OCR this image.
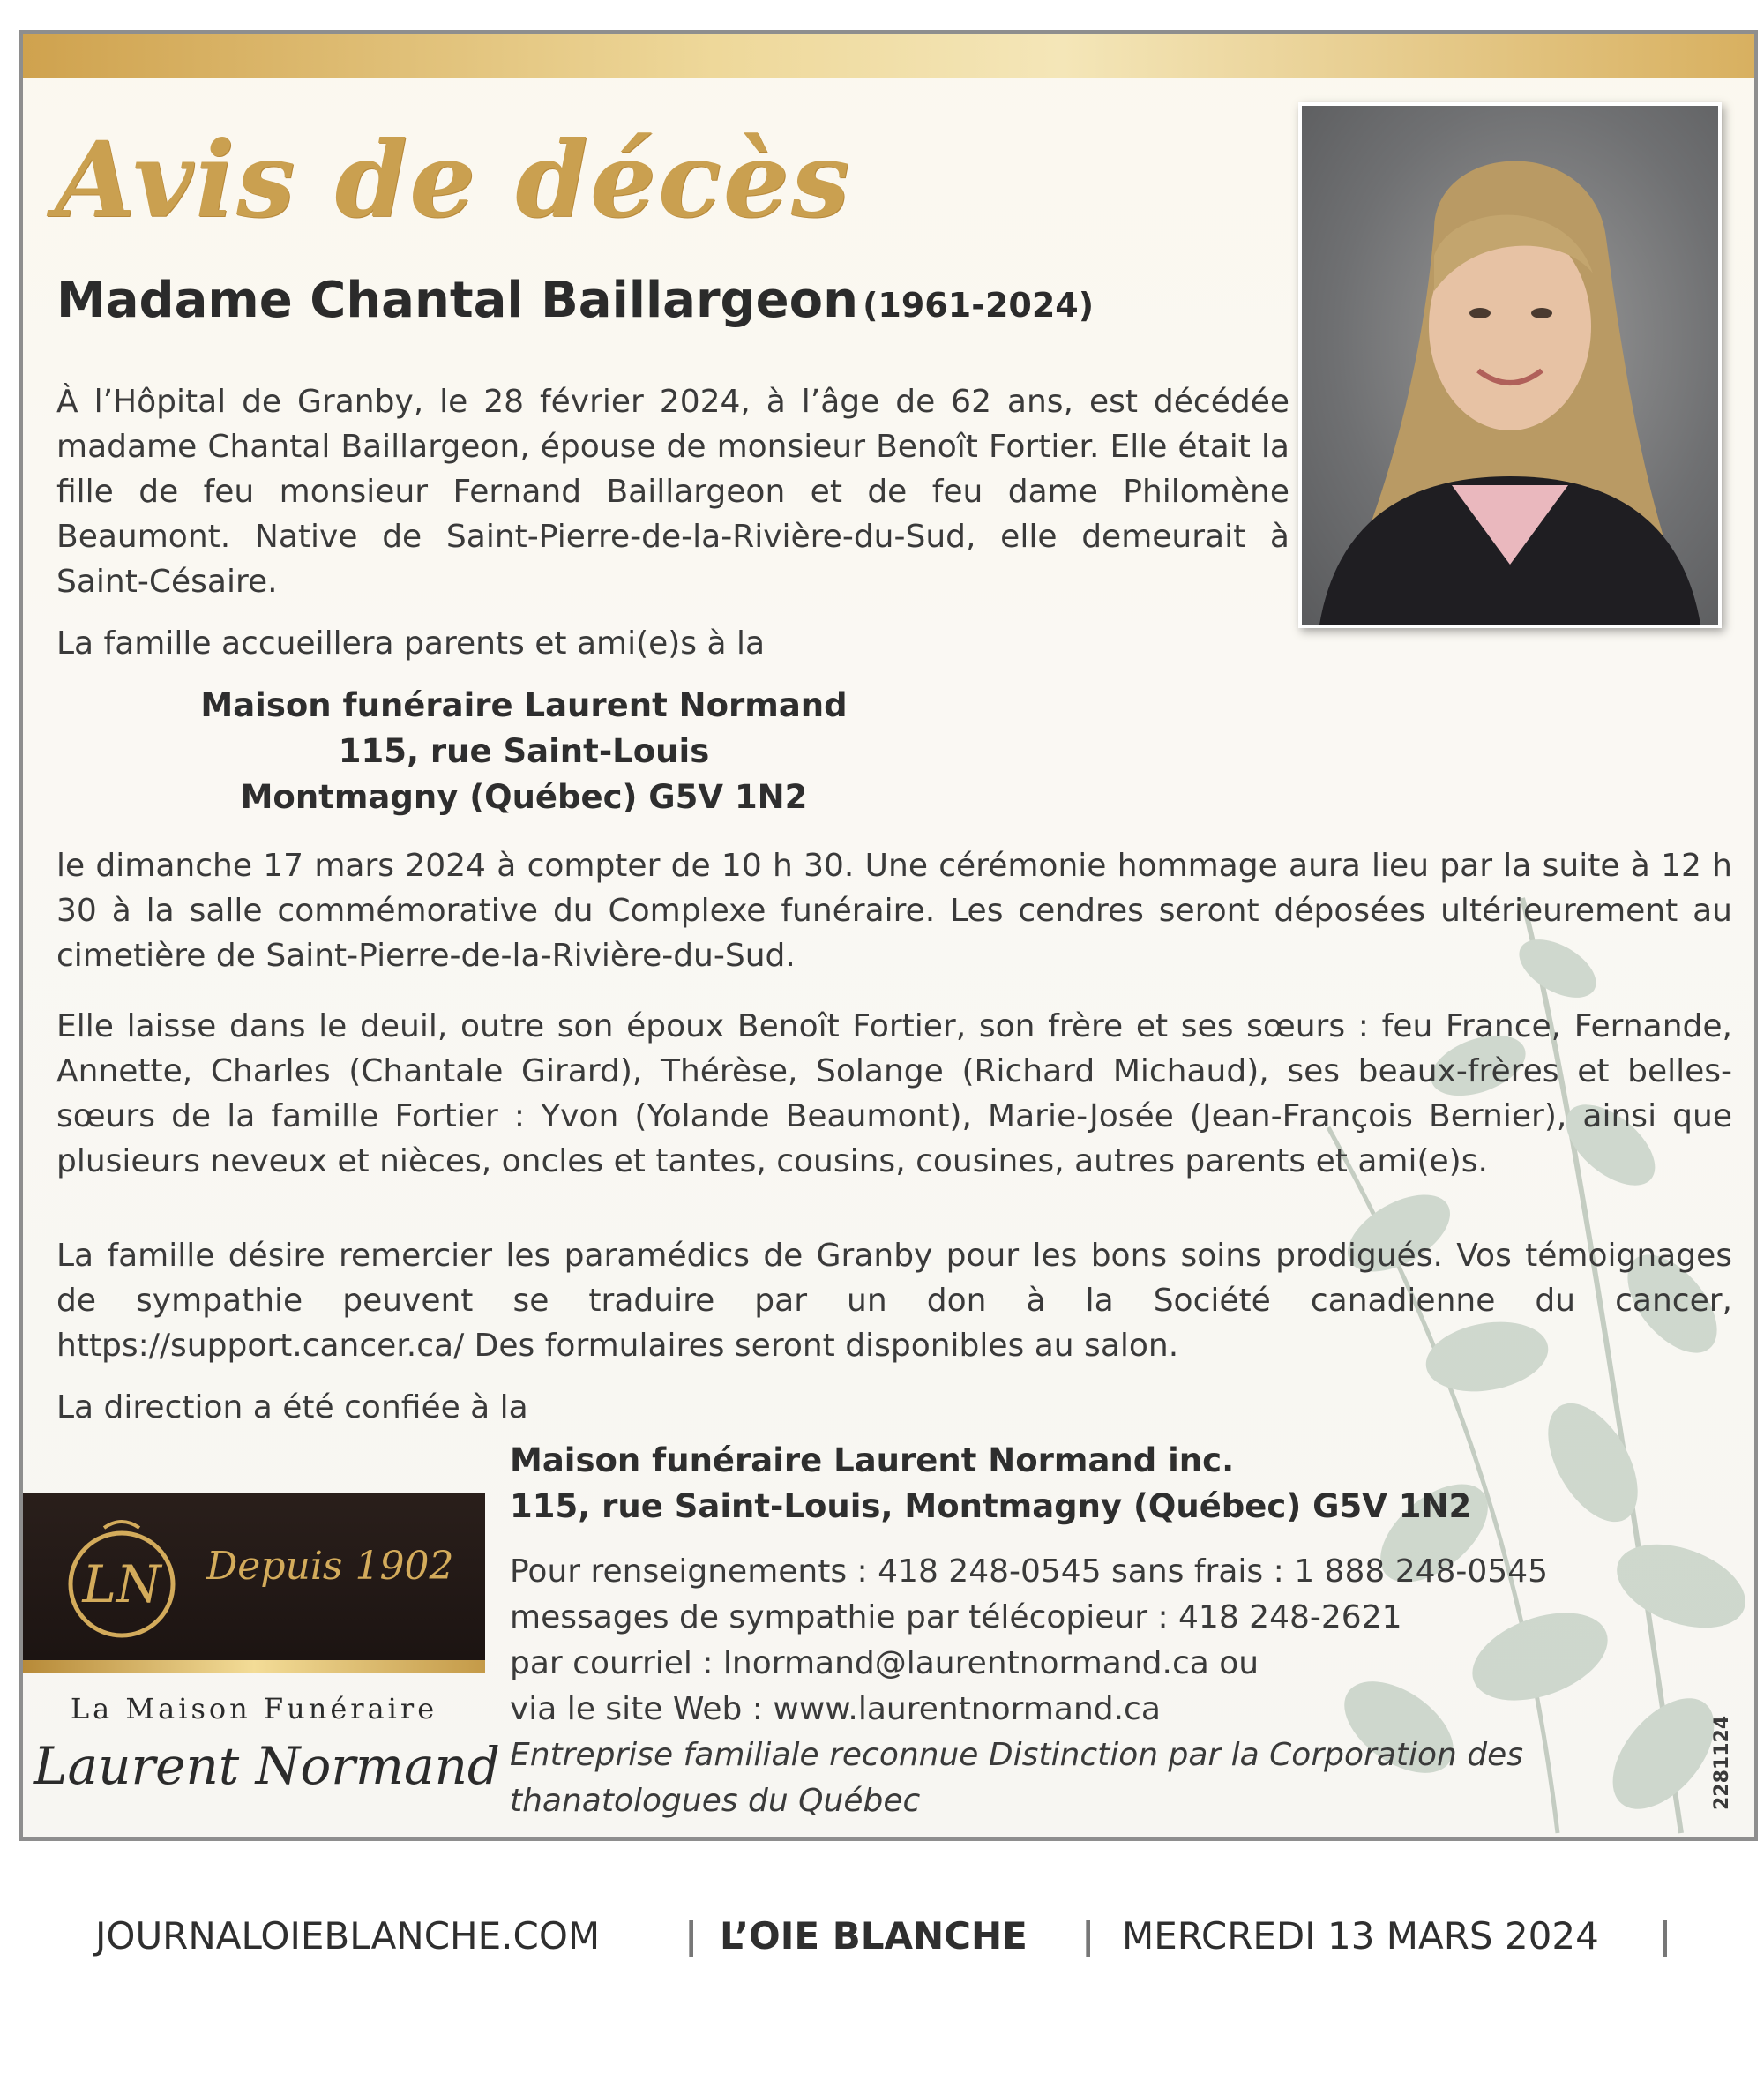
Avis de décès
Madame Chantal Baillargeon (1961-2024)

À l’Hôpital de Granby, le 28 février 2024, à l’âge de 62 ans, est décédée madame Chantal Baillargeon, épouse de monsieur Benoît Fortier. Elle était la fille de feu monsieur Fernand Baillargeon et de feu dame Philomène Beaumont. Native de Saint-Pierre-de-la-Rivière-du-Sud, elle demeurait à Saint-Césaire.

La famille accueillera parents et ami(e)s à la

Maison funéraire Laurent Normand
115, rue Saint-Louis
Montmagny (Québec) G5V 1N2

le dimanche 17 mars 2024 à compter de 10 h 30. Une cérémonie hommage aura lieu par la suite à 12 h 30 à la salle commémorative du Complexe funéraire. Les cendres seront déposées ultérieurement au cimetière de Saint-Pierre-de-la-Rivière-du-Sud.

Elle laisse dans le deuil, outre son époux Benoît Fortier, son frère et ses sœurs : feu France, Fernande, Annette, Charles (Chantale Girard), Thérèse, Solange (Richard Michaud), ses beaux-frères et belles-sœurs de la famille Fortier : Yvon (Yolande Beaumont), Marie-Josée (Jean-François Bernier), ainsi que plusieurs neveux et nièces, oncles et tantes, cousins, cousines, autres parents et ami(e)s.

La famille désire remercier les paramédics de Granby pour les bons soins prodigués. Vos témoignages de sympathie peuvent se traduire par un don à la Société canadienne du cancer, https://support.cancer.ca/ Des formulaires seront disponibles au salon.

La direction a été confiée à la

Maison funéraire Laurent Normand inc.
115, rue Saint-Louis, Montmagny (Québec) G5V 1N2
Pour renseignements : 418 248-0545 sans frais : 1 888 248-0545
messages de sympathie par télécopieur : 418 248-2621
par courriel : lnormand@laurentnormand.ca ou
via le site Web : www.laurentnormand.ca
Entreprise familiale reconnue Distinction par la Corporation des
thanatologues du Québec
LN Depuis 1902
La Maison Funéraire
Laurent Normand	2281124
JOURNALOIEBLANCHE.COM | L’OIE BLANCHE | MERCREDI 13 MARS 2024 |
